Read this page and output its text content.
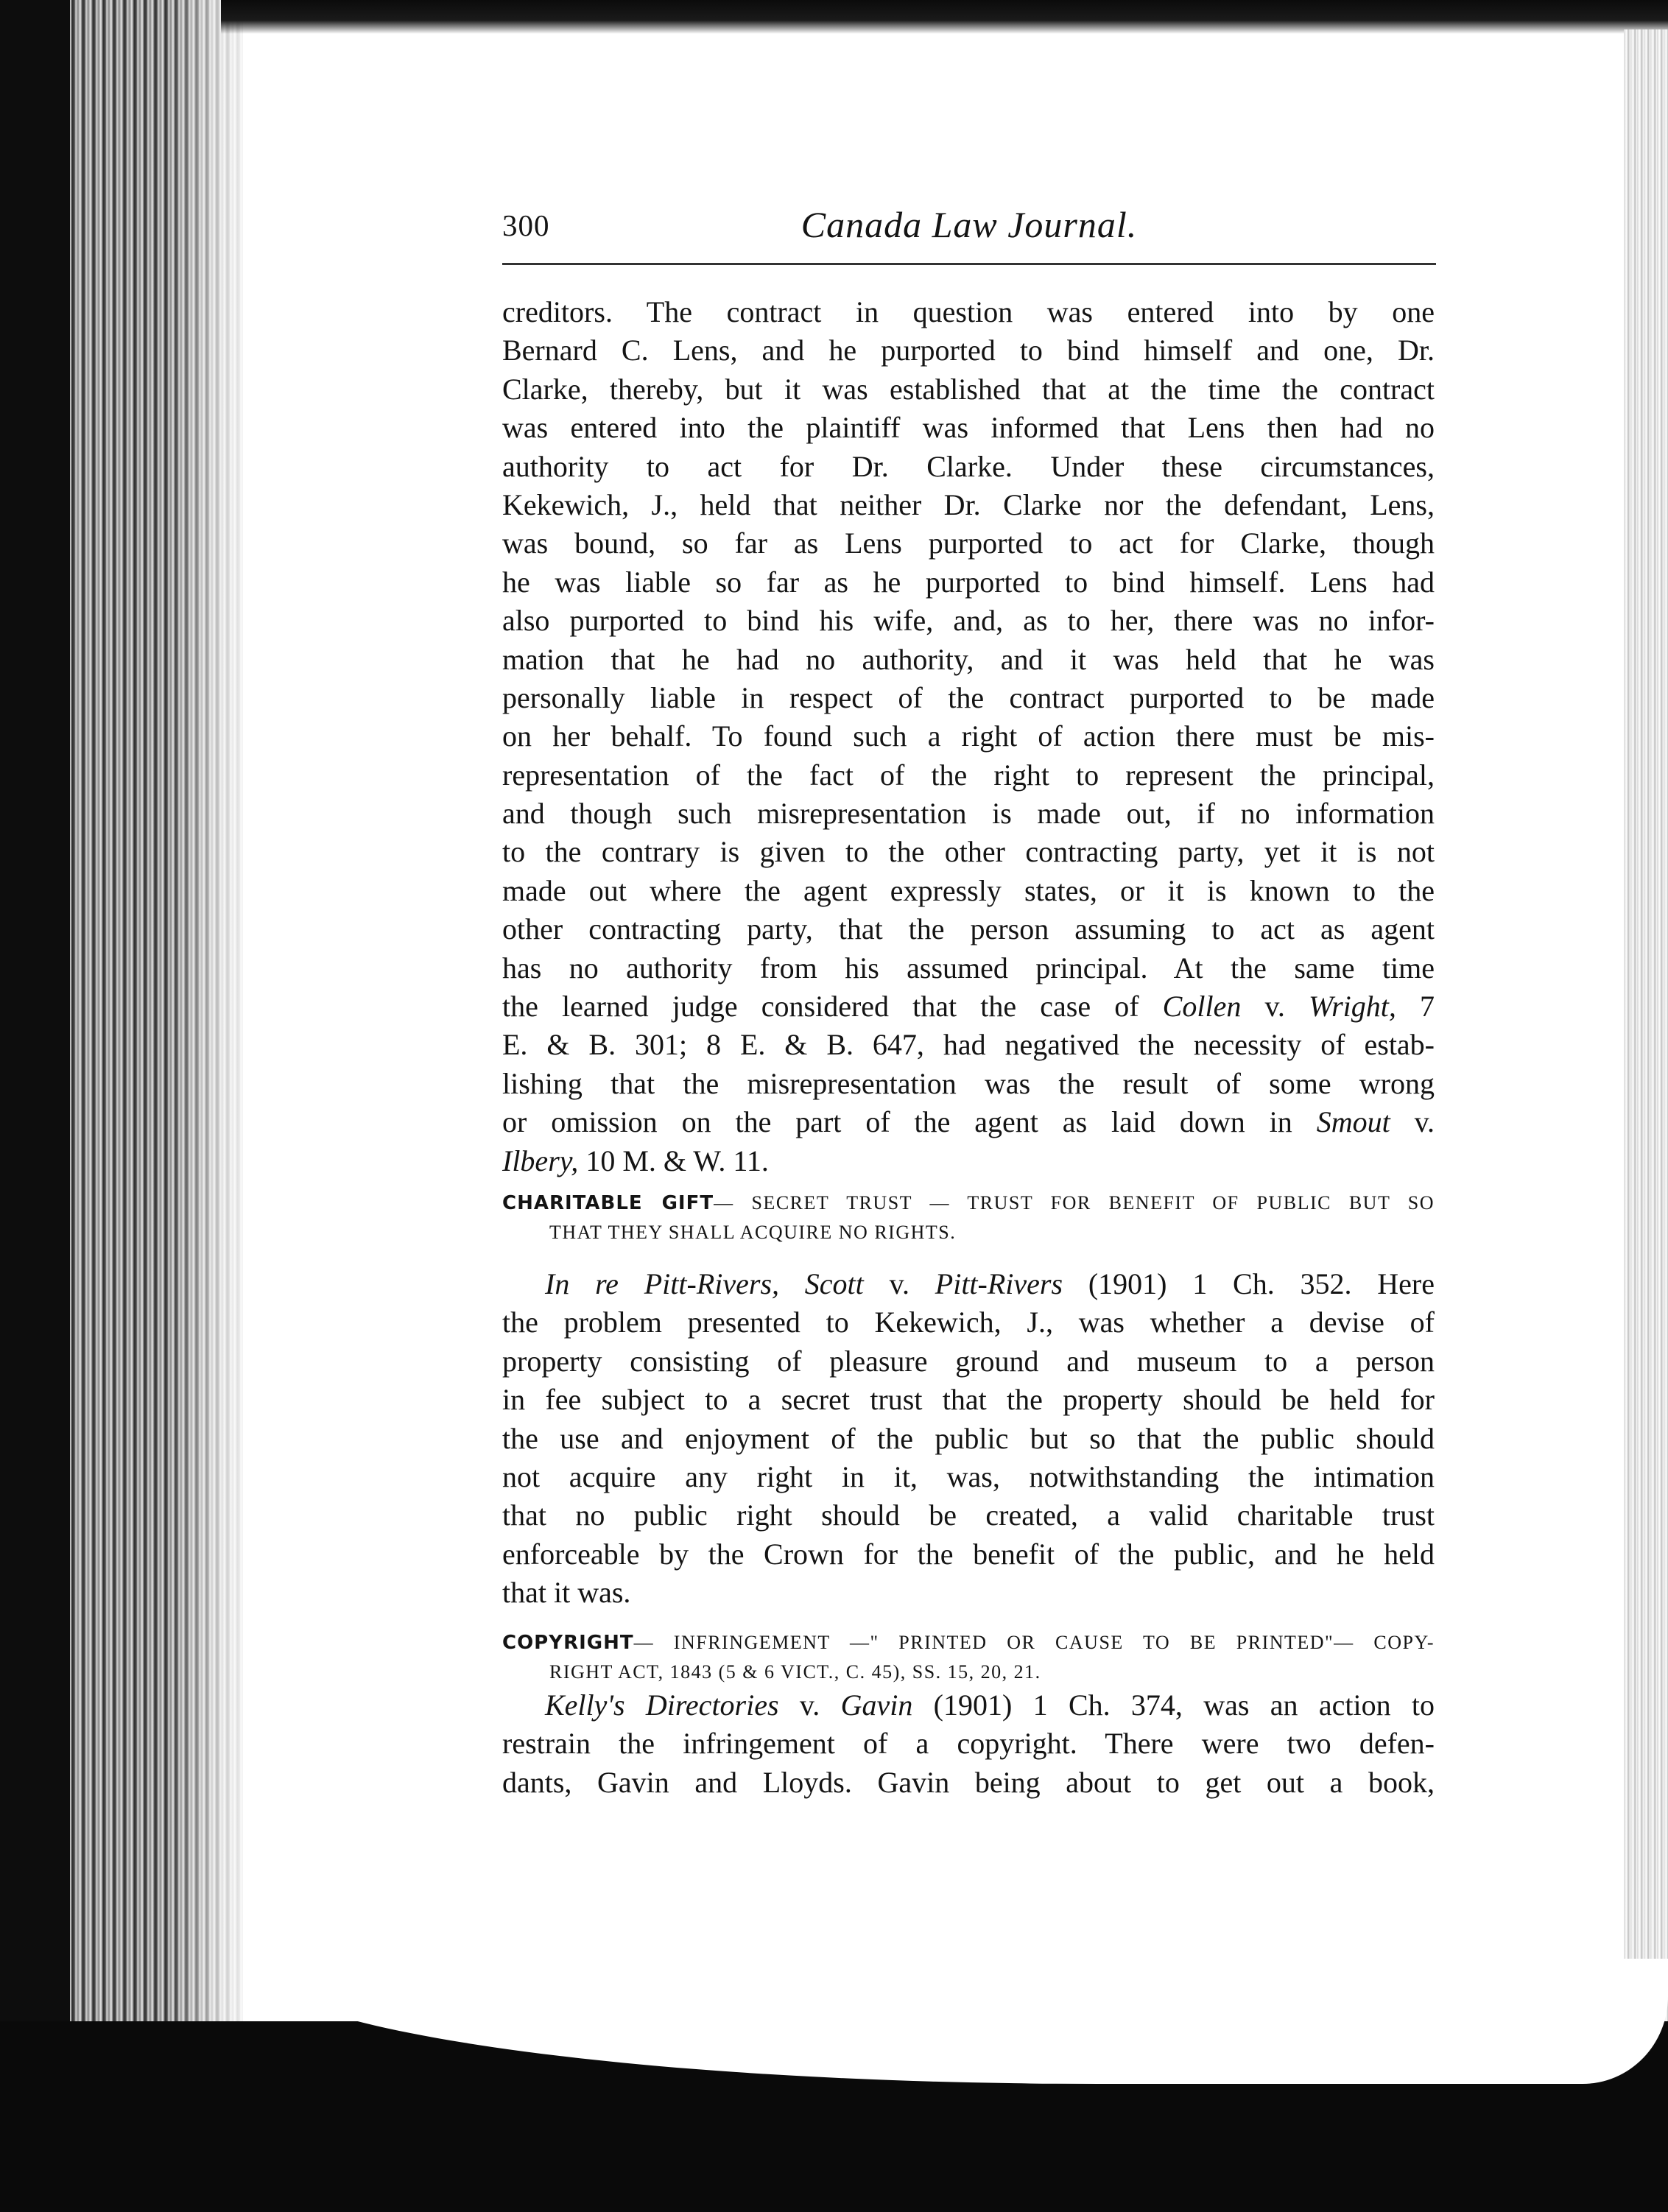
300	Canada Law Journal.
creditors. The contract in question was entered into by one
Bernard C. Lens, and he purported to bind himself and one, Dr.
Clarke, thereby, but it was established that at the time the contract
was entered into the plaintiff was informed that Lens then had no
authority to act for Dr. Clarke. Under these circumstances,
Kekewich, J., held that neither Dr. Clarke nor the defendant, Lens,
was bound, so far as Lens purported to act for Clarke, though
he was liable so far as he purported to bind himself. Lens had
also purported to bind his wife, and, as to her, there was no infor-
mation that he had no authority, and it was held that he was
personally liable in respect of the contract purported to be made
on her behalf. To found such a right of action there must be mis-
representation of the fact of the right to represent the principal,
and though such misrepresentation is made out, if no information
to the contrary is given to the other contracting party, yet it is not
made out where the agent expressly states, or it is known to the
other contracting party, that the person assuming to act as agent
has no authority from his assumed principal. At the same time
the learned judge considered that the case of Collen v. Wright, 7
E. & B. 301; 8 E. & B. 647, had negatived the necessity of estab-
lishing that the misrepresentation was the result of some wrong
or omission on the part of the agent as laid down in Smout v.
Ilbery, 10 M. & W. 11.
CHARITABLE GIFT— SECRET TRUST — TRUST FOR BENEFIT OF PUBLIC BUT SO
THAT THEY SHALL ACQUIRE NO RIGHTS.
In re Pitt-Rivers, Scott v. Pitt-Rivers (1901) 1 Ch. 352. Here
the problem presented to Kekewich, J., was whether a devise of
property consisting of pleasure ground and museum to a person
in fee subject to a secret trust that the property should be held for
the use and enjoyment of the public but so that the public should
not acquire any right in it, was, notwithstanding the intimation
that no public right should be created, a valid charitable trust
enforceable by the Crown for the benefit of the public, and he held
that it was.
COPYRIGHT— INFRINGEMENT —" PRINTED OR CAUSE TO BE PRINTED"— COPY-
RIGHT ACT, 1843 (5 & 6 VICT., C. 45), SS. 15, 20, 21.
Kelly's Directories v. Gavin (1901) 1 Ch. 374, was an action to
restrain the infringement of a copyright. There were two defen-
dants, Gavin and Lloyds. Gavin being about to get out a book,
